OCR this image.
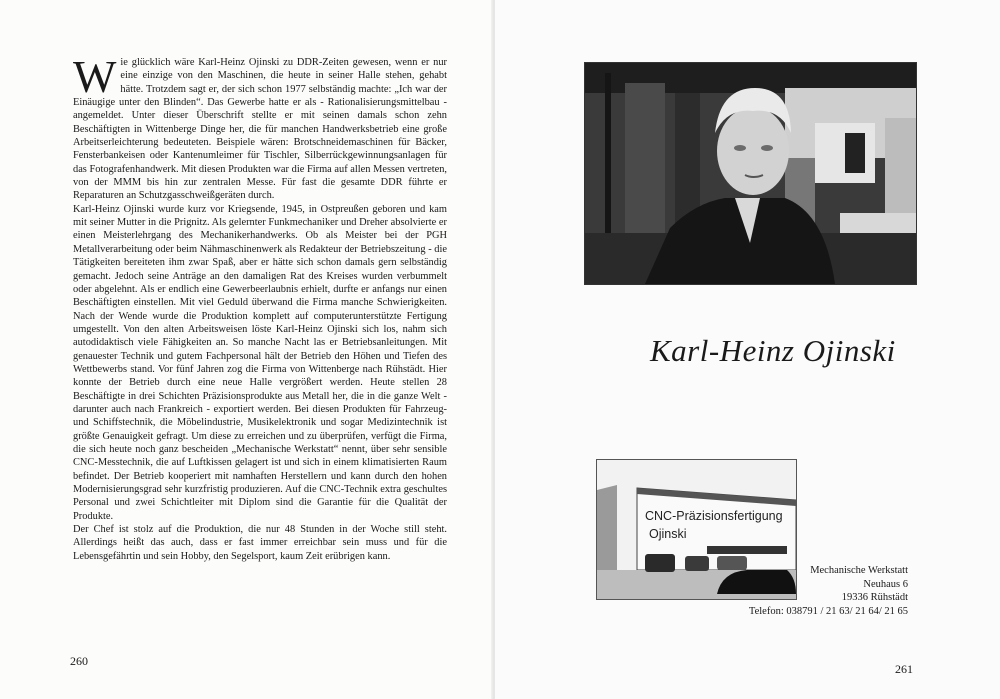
Wie glücklich wäre Karl-Heinz Ojinski zu DDR-Zeiten gewesen, wenn er nur eine einzige von den Maschinen, die heute in seiner Halle stehen, gehabt hätte. Trotzdem sagt er, der sich schon 1977 selbständig machte: „Ich war der Einäugige unter den Blinden“. Das Gewerbe hatte er als - Rationalisierungsmittelbau - angemeldet. Unter dieser Überschrift stellte er mit seinen damals schon zehn Beschäftigten in Wittenberge Dinge her, die für manchen Handwerksbetrieb eine große Arbeitserleichterung bedeuteten. Beispiele wären: Brotschneidemaschinen für Bäcker, Fensterbankeisen oder Kantenumleimer für Tischler, Silberrückgewinnungsanlagen für das Fotografenhandwerk. Mit diesen Produkten war die Firma auf allen Messen vertreten, von der MMM bis hin zur zentralen Messe. Für fast die gesamte DDR führte er Reparaturen an Schutzgasschweißgeräten durch.

Karl-Heinz Ojinski wurde kurz vor Kriegsende, 1945, in Ostpreußen geboren und kam mit seiner Mutter in die Prignitz. Als gelernter Funkmechaniker und Dreher absolvierte er einen Meisterlehrgang des Mechanikerhandwerks. Ob als Meister bei der PGH Metallverarbeitung oder beim Nähmaschinenwerk als Redakteur der Betriebszeitung - die Tätigkeiten bereiteten ihm zwar Spaß, aber er hätte sich schon damals gern selbständig gemacht. Jedoch seine Anträge an den damaligen Rat des Kreises wurden verbummelt oder abgelehnt. Als er endlich eine Gewerbeerlaubnis erhielt, durfte er anfangs nur einen Beschäftigten einstellen. Mit viel Geduld überwand die Firma manche Schwierigkeiten. Nach der Wende wurde die Produktion komplett auf computerunterstützte Fertigung umgestellt. Von den alten Arbeitsweisen löste Karl-Heinz Ojinski sich los, nahm sich autodidaktisch viele Fähigkeiten an. So manche Nacht las er Betriebsanleitungen. Mit genauester Technik und gutem Fachpersonal hält der Betrieb den Höhen und Tiefen des Wettbewerbs stand. Vor fünf Jahren zog die Firma von Wittenberge nach Rühstädt. Hier konnte der Betrieb durch eine neue Halle vergrößert werden. Heute stellen 28 Beschäftigte in drei Schichten Präzisionsprodukte aus Metall her, die in die ganze Welt - darunter auch nach Frankreich - exportiert werden. Bei diesen Produkten für Fahrzeug- und Schiffstechnik, die Möbelindustrie, Musikelektronik und sogar Medizintechnik ist größte Genauigkeit gefragt. Um diese zu erreichen und zu überprüfen, verfügt die Firma, die sich heute noch ganz bescheiden „Mechanische Werkstatt“ nennt, über sehr sensible CNC-Messtechnik, die auf Luftkissen gelagert ist und sich in einem klimatisierten Raum befindet. Der Betrieb kooperiert mit namhaften Herstellern und kann durch den hohen Modernisierungsgrad sehr kurzfristig produzieren. Auf die CNC-Technik extra geschultes Personal und zwei Schichtleiter mit Diplom sind die Garantie für die Qualität der Produkte.

Der Chef ist stolz auf die Produktion, die nur 48 Stunden in der Woche still steht. Allerdings heißt das auch, dass er fast immer erreichbar sein muss und für die Lebensgefährtin und sein Hobby, den Segelsport, kaum Zeit erübrigen kann.

260
261
Karl-Heinz Ojinski
CNC-Präzisionsfertigung
Ojinski
Mechanische Werkstatt
Neuhaus 6
19336 Rühstädt
Telefon: 038791 / 21 63/ 21 64/ 21 65
